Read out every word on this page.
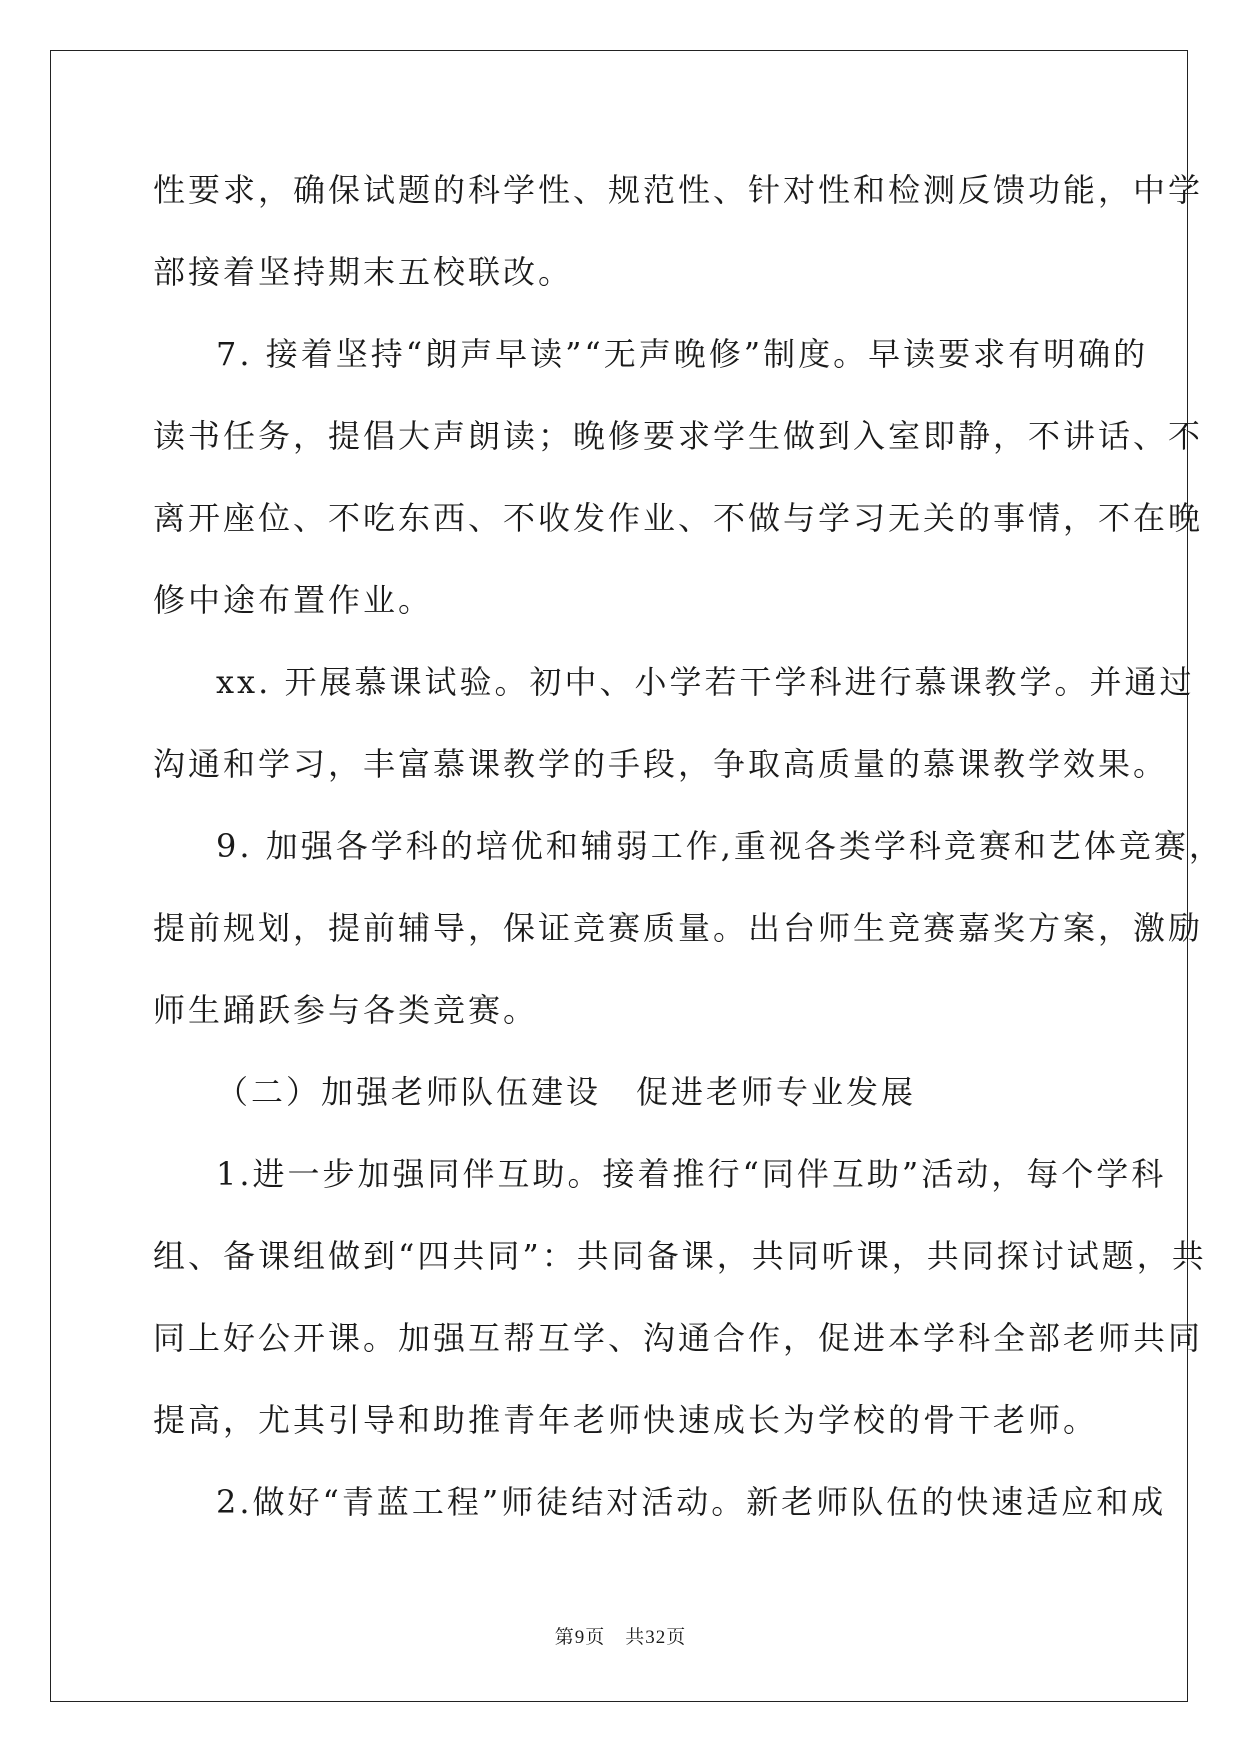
性要求，确保试题的科学性、规范性、针对性和检测反馈功能，中学
部接着坚持期末五校联改。
7. 接着坚持“朗声早读”“无声晚修”制度。早读要求有明确的
读书任务，提倡大声朗读；晚修要求学生做到入室即静，不讲话、不
离开座位、不吃东西、不收发作业、不做与学习无关的事情，不在晚
修中途布置作业。
xx. 开展慕课试验。初中、小学若干学科进行慕课教学。并通过
沟通和学习，丰富慕课教学的手段，争取高质量的慕课教学效果。
9. 加强各学科的培优和辅弱工作,重视各类学科竞赛和艺体竞赛，
提前规划，提前辅导，保证竞赛质量。出台师生竞赛嘉奖方案，激励
师生踊跃参与各类竞赛。
（二）加强老师队伍建设　促进老师专业发展
1.进一步加强同伴互助。接着推行“同伴互助”活动，每个学科
组、备课组做到“四共同”：共同备课，共同听课，共同探讨试题，共
同上好公开课。加强互帮互学、沟通合作，促进本学科全部老师共同
提高，尤其引导和助推青年老师快速成长为学校的骨干老师。
2.做好“青蓝工程”师徒结对活动。新老师队伍的快速适应和成
第9页　共32页
